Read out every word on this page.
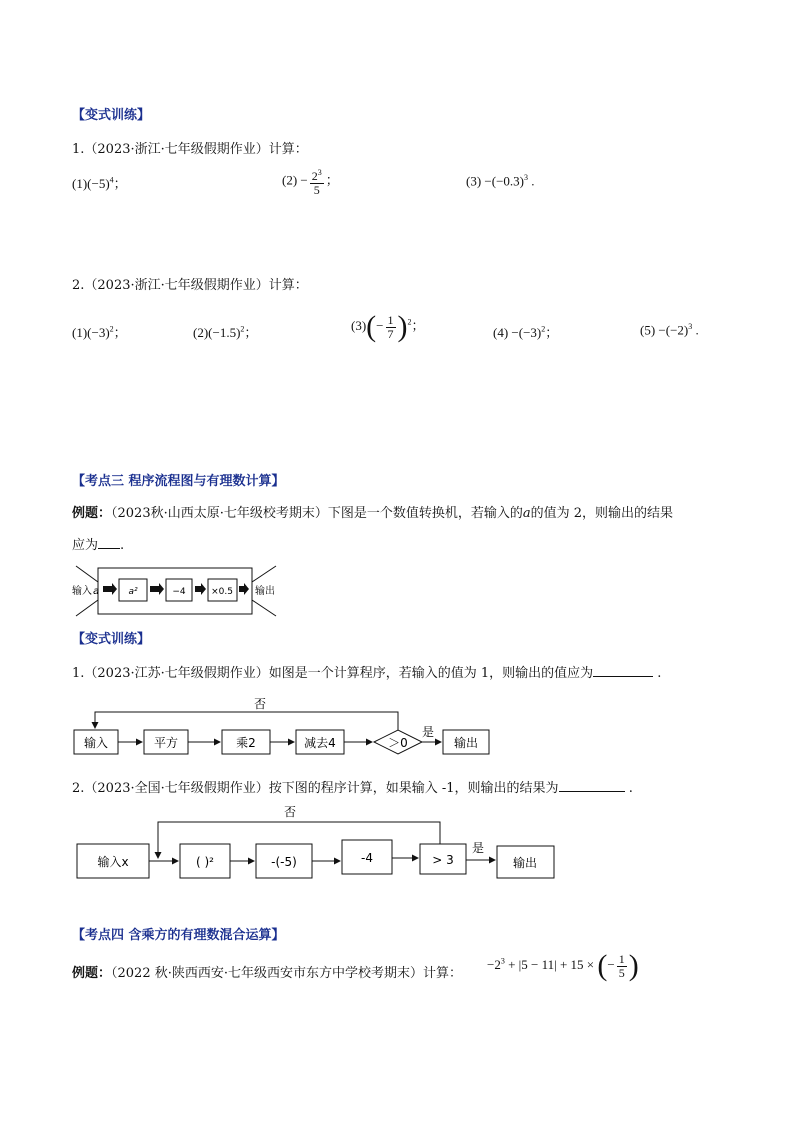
【变式训练】
1.（2023·浙江·七年级假期作业）计算：
$(1)(-5)^4$；	$(2) - \frac{2^3}{5}$ ；	$(3) -(-0.3)^3$ .
2.（2023·浙江·七年级假期作业）计算：
$(1)(-3)^2$；	$(2)(-1.5)^2$；	$(3)(- \frac{1}{7} )^2$；	$(4) -(-3)^2$；	$(5) -(-2)^3$ .
【考点三 程序流程图与有理数计算】
例题：（2023秋·山西太原·七年级校考期末）下图是一个数值转换机，若输入的a的值为 2，则输出的结果
应为 .
输入 a	a²	−4	×0.5 输出
【变式训练】
1.（2023·江苏·七年级假期作业）如图是一个计算程序，若输入的值为 1，则输出的值应为	.
否
输入	平方	乘2	减去4	＞0
是
输出
2.（2023·全国·七年级假期作业）按下图的程序计算，如果输入 -1，则输出的结果为	.
否
输入x	( )²	-(-5)	-4	> 3
是
输出
【考点四 含乘方的有理数混合运算】
例题：（2022 秋·陕西西安·七年级西安市东方中学校考期末）计算：
$-2^3 + |5 - 11| + 15$ × (− $\frac{1}{5}$ )
